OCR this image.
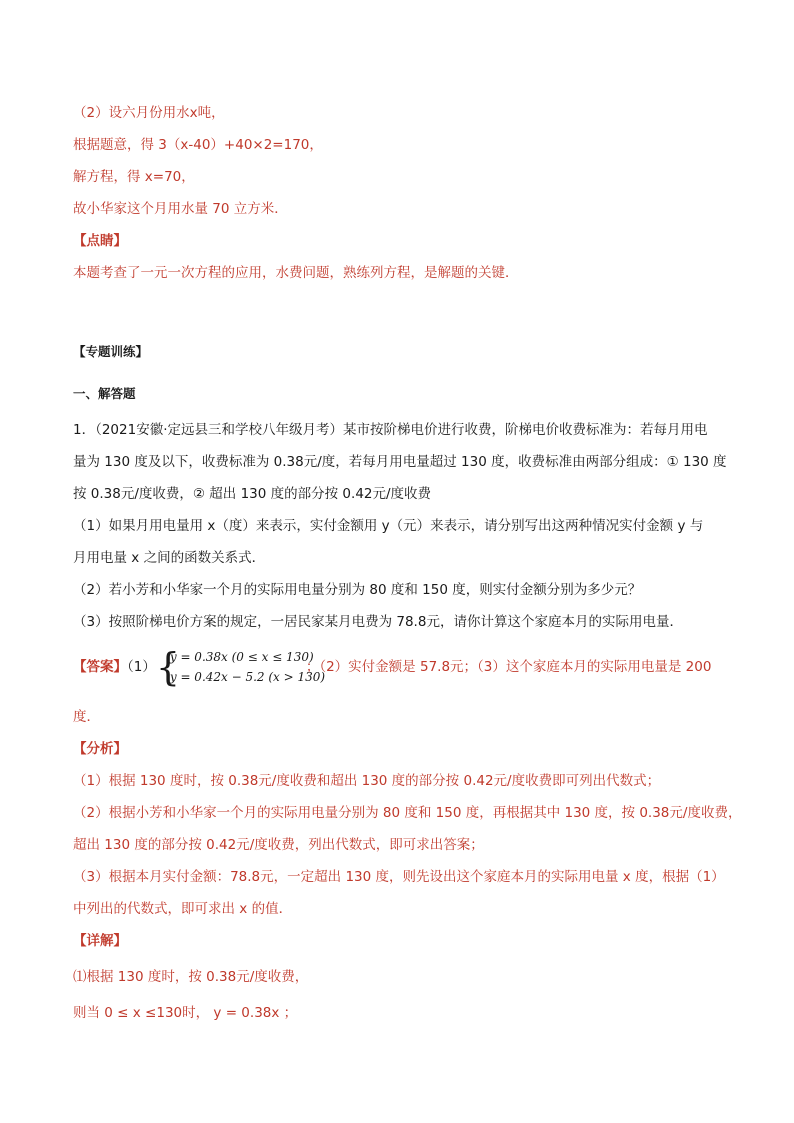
（2）设六月份用水x吨，
根据题意，得 3（x-40）+40×2=170，
解方程，得 x=70，
故小华家这个月用水量 70 立方米．
【点睛】
本题考查了一元一次方程的应用，水费问题，熟练列方程，是解题的关键．
【专题训练】
一、解答题
1．（2021安徽·定远县三和学校八年级月考）某市按阶梯电价进行收费，阶梯电价收费标准为：若每月用电
量为 130 度及以下，收费标准为 0.38元/度，若每月用电量超过 130 度，收费标准由两部分组成：① 130 度
按 0.38元/度收费，② 超出 130 度的部分按 0.42元/度收费
（1）如果月用电量用 x（度）来表示，实付金额用 y（元）来表示，请分别写出这两种情况实付金额 y 与
月用电量 x 之间的函数关系式．
（2）若小芳和小华家一个月的实际用电量分别为 80 度和 150 度，则实付金额分别为多少元？
（3）按照阶梯电价方案的规定，一居民家某月电费为 78.8元，请你计算这个家庭本月的实际用电量．
【答案】（1） {
y = 0.38x (0 ≤ x ≤ 130)
y = 0.42x − 5.2 (x > 130)
；（2）实付金额是 57.8元；（3）这个家庭本月的实际用电量是 200
度．
【分析】
（1）根据 130 度时，按 0.38元/度收费和超出 130 度的部分按 0.42元/度收费即可列出代数式；
（2）根据小芳和小华家一个月的实际用电量分别为 80 度和 150 度，再根据其中 130 度，按 0.38元/度收费，
超出 130 度的部分按 0.42元/度收费，列出代数式，即可求出答案；
（3）根据本月实付金额：78.8元，一定超出 130 度，则先设出这个家庭本月的实际用电量 x 度，根据（1）
中列出的代数式，即可求出 x 的值．
【详解】
⑴根据 130 度时，按 0.38元/度收费，
则当 0 ≤ x ≤130时， y = 0.38x ；
